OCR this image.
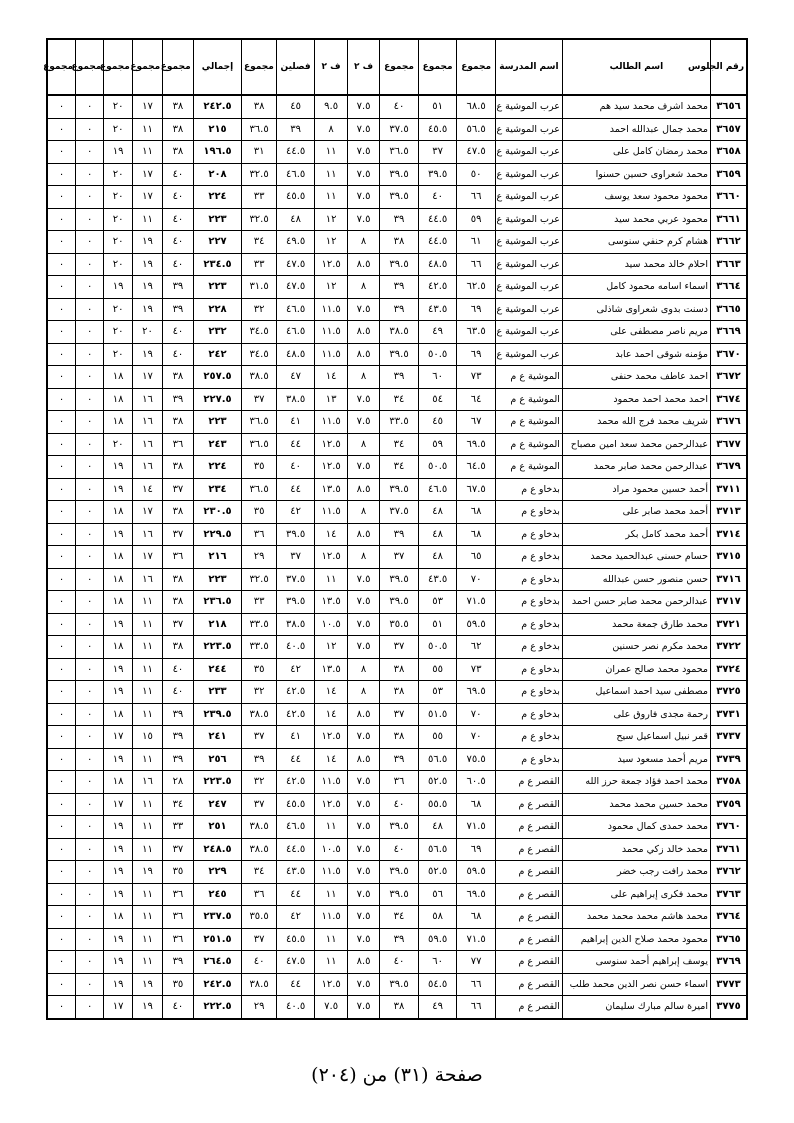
رقم الجلوس	اسم الطالب	اسم المدرسة	مجموع	مجموع	مجموع	ف ٢	ف ٢	فصلين	مجموع	إجمالي	مجموع	مجموع	مجموع	مجموع	مجموع
٣٦٥٦	محمد اشرف محمد سيد هم	عرب الموشية ع	٦٨.٥	٥١	٤٠	٧.٥	٩.٥	٤٥	٣٨	٢٤٢.٥	٣٨	١٧	٢٠	٠	٠
٣٦٥٧	محمد جمال عبدالله احمد	عرب الموشية ع	٥٦.٥	٤٥.٥	٣٧.٥	٧.٥	٨	٣٩	٣٦.٥	٢١٥	٣٨	١١	٢٠	٠	٠
٣٦٥٨	محمد رمضان كامل على	عرب الموشية ع	٤٧.٥	٣٧	٣٦.٥	٧.٥	١١	٤٤.٥	٣١	١٩٦.٥	٣٨	١١	١٩	٠	٠
٣٦٥٩	محمد شعراوى حسين حسنوا	عرب الموشية ع	٥٠	٣٩.٥	٣٩.٥	٧.٥	١١	٤٦.٥	٣٢.٥	٢٠٨	٤٠	١٧	٢٠	٠	٠
٣٦٦٠	محمود محمود سعد يوسف	عرب الموشية ع	٦٦	٤٠	٣٩.٥	٧.٥	١١	٤٥.٥	٣٣	٢٢٤	٤٠	١٧	٢٠	٠	٠
٣٦٦١	محمود عربي محمد سيد	عرب الموشية ع	٥٩	٤٤.٥	٣٩	٧.٥	١٢	٤٨	٣٢.٥	٢٢٣	٤٠	١١	٢٠	٠	٠
٣٦٦٢	هشام كرم حنفي سنوسى	عرب الموشية ع	٦١	٤٤.٥	٣٨	٨	١٢	٤٩.٥	٣٤	٢٢٧	٤٠	١٩	٢٠	٠	٠
٣٦٦٣	احلام خالد محمد سيد	عرب الموشية ع	٦٦	٤٨.٥	٣٩.٥	٨.٥	١٢.٥	٤٧.٥	٣٣	٢٣٤.٥	٤٠	١٩	٢٠	٠	٠
٣٦٦٤	اسماء اسامه محمود كامل	عرب الموشية ع	٦٢.٥	٤٢.٥	٣٩	٨	١٢	٤٧.٥	٣١.٥	٢٢٣	٣٩	١٩	١٩	٠	٠
٣٦٦٥	دسنت بدوى شعراوى شاذلى	عرب الموشية ع	٦٩	٤٣.٥	٣٩	٧.٥	١١.٥	٤٦.٥	٣٢	٢٢٨	٣٩	١٩	٢٠	٠	٠
٣٦٦٩	مريم ناصر مصطفى على	عرب الموشية ع	٦٣.٥	٤٩	٣٨.٥	٨.٥	١١.٥	٤٦.٥	٣٤.٥	٢٣٢	٤٠	٢٠	٢٠	٠	٠
٣٦٧٠	مؤمنه شوقى احمد عابد	عرب الموشية ع	٦٩	٥٠.٥	٣٩.٥	٨.٥	١١.٥	٤٨.٥	٣٤.٥	٢٤٢	٤٠	١٩	٢٠	٠	٠
٣٦٧٢	احمد عاطف محمد حنفى	الموشية ع م	٧٣	٦٠	٣٩	٨	١٤	٤٧	٣٨.٥	٢٥٧.٥	٣٨	١٧	١٨	٠	٠
٣٦٧٤	احمد محمد احمد محمود	الموشية ع م	٦٤	٥٤	٣٤	٧.٥	١٣	٣٨.٥	٣٧	٢٢٧.٥	٣٩	١٦	١٨	٠	٠
٣٦٧٦	شريف محمد فرج الله محمد	الموشية ع م	٦٧	٤٥	٣٣.٥	٧.٥	١١.٥	٤١	٣٦.٥	٢٢٣	٣٨	١٦	١٨	٠	٠
٣٦٧٧	عبدالرحمن محمد سعد امين مصباح	الموشية ع م	٦٩.٥	٥٩	٣٤	٨	١٢.٥	٤٤	٣٦.٥	٢٤٣	٣٦	١٦	٢٠	٠	٠
٣٦٧٩	عبدالرحمن محمد صابر محمد	الموشية ع م	٦٤.٥	٥٠.٥	٣٤	٧.٥	١٢.٥	٤٠	٣٥	٢٢٤	٣٨	١٦	١٩	٠	٠
٣٧١١	أحمد حسين محمود مراد	بدخاو ع م	٦٧.٥	٤٦.٥	٣٩.٥	٨.٥	١٣.٥	٤٤	٣٦.٥	٢٣٤	٣٧	١٤	١٩	٠	٠
٣٧١٣	أحمد محمد صابر على	بدخاو ع م	٦٨	٤٨	٣٧.٥	٨	١١.٥	٤٢	٣٥	٢٣٠.٥	٣٨	١٧	١٨	٠	٠
٣٧١٤	أحمد محمد كامل بكر	بدخاو ع م	٦٨	٤٨	٣٩	٨.٥	١٤	٣٩.٥	٣٦	٢٢٩.٥	٣٧	١٦	١٩	٠	٠
٣٧١٥	حسام حسنى عبدالحميد محمد	بدخاو ع م	٦٥	٤٨	٣٧	٨	١٢.٥	٣٧	٢٩	٢١٦	٣٦	١٧	١٨	٠	٠
٣٧١٦	حسن منصور حسن عبدالله	بدخاو ع م	٧٠	٤٣.٥	٣٩.٥	٧.٥	١١	٣٧.٥	٣٢.٥	٢٢٣	٣٨	١٦	١٨	٠	٠
٣٧١٧	عبدالرحمن محمد صابر حسن احمد	بدخاو ع م	٧١.٥	٥٣	٣٩.٥	٧.٥	١٣.٥	٣٩.٥	٣٣	٢٣٦.٥	٣٨	١١	١٨	٠	٠
٣٧٢١	محمد طارق جمعة محمد	بدخاو ع م	٥٩.٥	٥١	٣٥.٥	٧.٥	١٠.٥	٣٨.٥	٣٣.٥	٢١٨	٣٧	١١	١٩	٠	٠
٣٧٢٢	محمد مكرم نصر حسنين	بدخاو ع م	٦٢	٥٠.٥	٣٧	٧.٥	١٢	٤٠.٥	٣٣.٥	٢٢٣.٥	٣٨	١١	١٨	٠	٠
٣٧٢٤	محمود محمد صالح عمران	بدخاو ع م	٧٣	٥٥	٣٨	٨	١٣.٥	٤٢	٣٥	٢٤٤	٤٠	١١	١٩	٠	٠
٣٧٢٥	مصطفى سيد احمد اسماعيل	بدخاو ع م	٦٩.٥	٥٣	٣٨	٨	١٤	٤٢.٥	٣٢	٢٣٣	٤٠	١١	١٩	٠	٠
٣٧٣١	رحمة مجدى فاروق على	بدخاو ع م	٧٠	٥١.٥	٣٧	٨.٥	١٤	٤٢.٥	٣٨.٥	٢٣٩.٥	٣٩	١١	١٨	٠	٠
٣٧٣٧	قمر نبيل اسماعيل سيح	بدخاو ع م	٧٠	٥٥	٣٨	٧.٥	١٢.٥	٤١	٣٧	٢٤١	٣٩	١٥	١٧	٠	٠
٣٧٣٩	مريم أحمد مسعود سيد	بدخاو ع م	٧٥.٥	٥٦.٥	٣٩	٨.٥	١٤	٤٤	٣٩	٢٥٦	٣٩	١١	١٩	٠	٠
٣٧٥٨	محمد احمد فؤاد جمعة حرز الله	القصر ع م	٦٠.٥	٥٢.٥	٣٦	٧.٥	١١.٥	٤٢.٥	٣٢	٢٢٣.٥	٢٨	١٦	١٨	٠	٠
٣٧٥٩	محمد حسين محمد محمد	القصر ع م	٦٨	٥٥.٥	٤٠	٧.٥	١٢.٥	٤٥.٥	٣٧	٢٤٧	٣٤	١١	١٧	٠	٠
٣٧٦٠	محمد حمدى كمال محمود	القصر ع م	٧١.٥	٤٨	٣٩.٥	٧.٥	١١	٤٦.٥	٣٨.٥	٢٥١	٣٣	١١	١٩	٠	٠
٣٧٦١	محمد خالد زكي محمد	القصر ع م	٦٩	٥٦.٥	٤٠	٧.٥	١٠.٥	٤٤.٥	٣٨.٥	٢٤٨.٥	٣٧	١١	١٩	٠	٠
٣٧٦٢	محمد رافت رجب خضر	القصر ع م	٥٩.٥	٥٢.٥	٣٩.٥	٧.٥	١١.٥	٤٣.٥	٣٤	٢٢٩	٣٥	١٩	١٩	٠	٠
٣٧٦٣	محمد فكرى إبراهيم على	القصر ع م	٦٩.٥	٥٦	٣٩.٥	٧.٥	١١	٤٤	٣٦	٢٤٥	٣٦	١١	١٩	٠	٠
٣٧٦٤	محمد هاشم محمد محمد محمد	القصر ع م	٦٨	٥٨	٣٤	٧.٥	١١.٥	٤٢	٣٥.٥	٢٣٧.٥	٣٦	١١	١٨	٠	٠
٣٧٦٥	محمود محمد صلاح الدين إبراهيم	القصر ع م	٧١.٥	٥٩.٥	٣٩	٧.٥	١١	٤٥.٥	٣٧	٢٥١.٥	٣٦	١١	١٩	٠	٠
٣٧٦٩	يوسف إبراهيم أحمد سنوسى	القصر ع م	٧٧	٦٠	٤٠	٨.٥	١١	٤٧.٥	٤٠	٢٦٤.٥	٣٩	١١	١٩	٠	٠
٣٧٧٣	اسماء حسن نصر الدين محمد طلب	القصر ع م	٦٦	٥٤.٥	٣٩.٥	٧.٥	١٢.٥	٤٤	٣٨.٥	٢٤٢.٥	٣٥	١٩	١٩	٠	٠
٣٧٧٥	اميرة سالم مبارك سليمان	القصر ع م	٦٦	٤٩	٣٨	٧.٥	٧.٥	٤٠.٥	٢٩	٢٢٢.٥	٤٠	١٩	١٧	٠	٠
صفحة (٣١) من (٢٠٤)
